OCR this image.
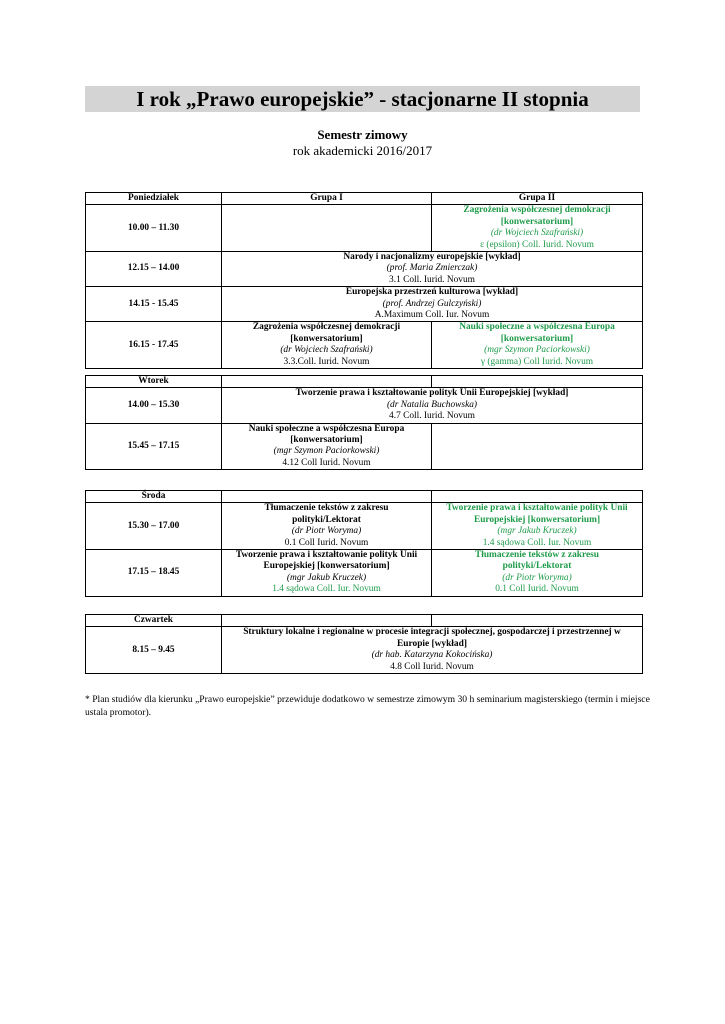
I rok „Prawo europejskie” - stacjonarne II stopnia
Semestr zimowy
rok akademicki 2016/2017
Poniedziałek	Grupa I	Grupa II
10.00 – 11.30		Zagrożenia współczesnej demokracji
[konwersatorium]
(dr Wojciech Szafrański)
ε (epsilon) Coll. Iurid. Novum

12.15 – 14.00	Narody i nacjonalizmy europejskie [wykład]
(prof. Maria Zmierczak)
3.1 Coll. Iurid. Novum	

14.15 - 15.45	Europejska przestrzeń kulturowa [wykład]
(prof. Andrzej Gulczyński)
A.Maximum Coll. Iur. Novum	

16.15 - 17.45	Zagrożenia współczesnej demokracji
[konwersatorium]
(dr Wojciech Szafrański)
3.3.Coll. Iurid. Novum	Nauki społeczne a współczesna Europa
[konwersatorium]
(mgr Szymon Paciorkowski)
γ (gamma) Coll Iurid. Novum
Wtorek		
14.00 – 15.30	Tworzenie prawa i kształtowanie polityk Unii Europejskiej [wykład]
(dr Natalia Buchowska)
4.7 Coll. Iurid. Novum	

15.45 – 17.15	Nauki społeczne a współczesna Europa
[konwersatorium]
(mgr Szymon Paciorkowski)
4.12 Coll Iurid. Novum	

Środa		
15.30 – 17.00	Tłumaczenie tekstów z zakresu
polityki/Lektorat
(dr Piotr Woryma)
0.1 Coll Iurid. Novum	Tworzenie prawa i kształtowanie polityk Unii
Europejskiej [konwersatorium]
(mgr Jakub Kruczek)
1.4 sądowa Coll. Iur. Novum

17.15 – 18.45	Tworzenie prawa i kształtowanie polityk Unii
Europejskiej [konwersatorium]
(mgr Jakub Kruczek)
1.4 sądowa Coll. Iur. Novum	Tłumaczenie tekstów z zakresu
polityki/Lektorat
(dr Piotr Woryma)
0.1 Coll Iurid. Novum
Czwartek		
8.15 – 9.45	Struktury lokalne i regionalne w procesie integracji społecznej, gospodarczej i przestrzennej w
Europie [wykład]
(dr hab. Katarzyna Kokocińska)
4.8 Coll Iurid. Novum	
* Plan studiów dla kierunku „Prawo europejskie” przewiduje dodatkowo w semestrze zimowym 30 h seminarium magisterskiego (termin i miejsce ustala promotor).
